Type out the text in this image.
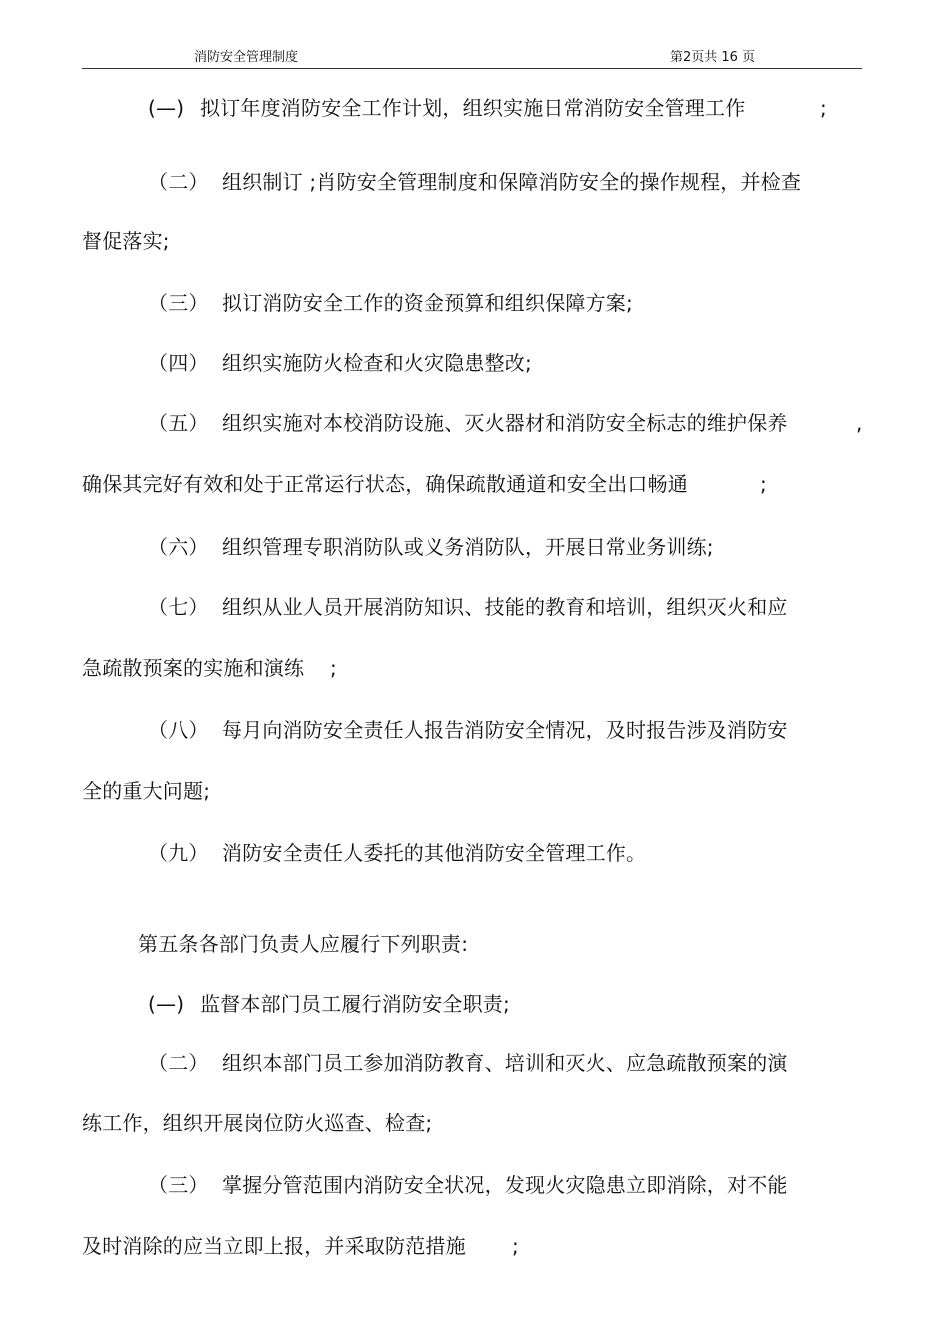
消防安全管理制度	第2页共 16 页
(—) 拟订年度消防安全工作计划，组织实施日常消防安全管理工作	;
（二） 组织制订 ;肖防安全管理制度和保障消防安全的操作规程，并检查
督促落实;
（三） 拟订消防安全工作的资金预算和组织保障方案;
（四） 组织实施防火检查和火灾隐患整改;
（五） 组织实施对本校消防设施、灭火器材和消防安全标志的维护保养	,
确保其完好有效和处于正常运行状态，确保疏散通道和安全出口畅通	;
（六） 组织管理专职消防队或义务消防队，开展日常业务训练;
（七） 组织从业人员开展消防知识、技能的教育和培训，组织灭火和应
急疏散预案的实施和演练 ;
（八） 每月向消防安全责任人报告消防安全情况，及时报告涉及消防安
全的重大问题;
（九） 消防安全责任人委托的其他消防安全管理工作。
第五条各部门负责人应履行下列职责:
(—) 监督本部门员工履行消防安全职责;
（二） 组织本部门员工参加消防教育、培训和灭火、应急疏散预案的演
练工作，组织开展岗位防火巡查、检查;
（三） 掌握分管范围内消防安全状况，发现火灾隐患立即消除，对不能
及时消除的应当立即上报，并采取防范措施 ;
